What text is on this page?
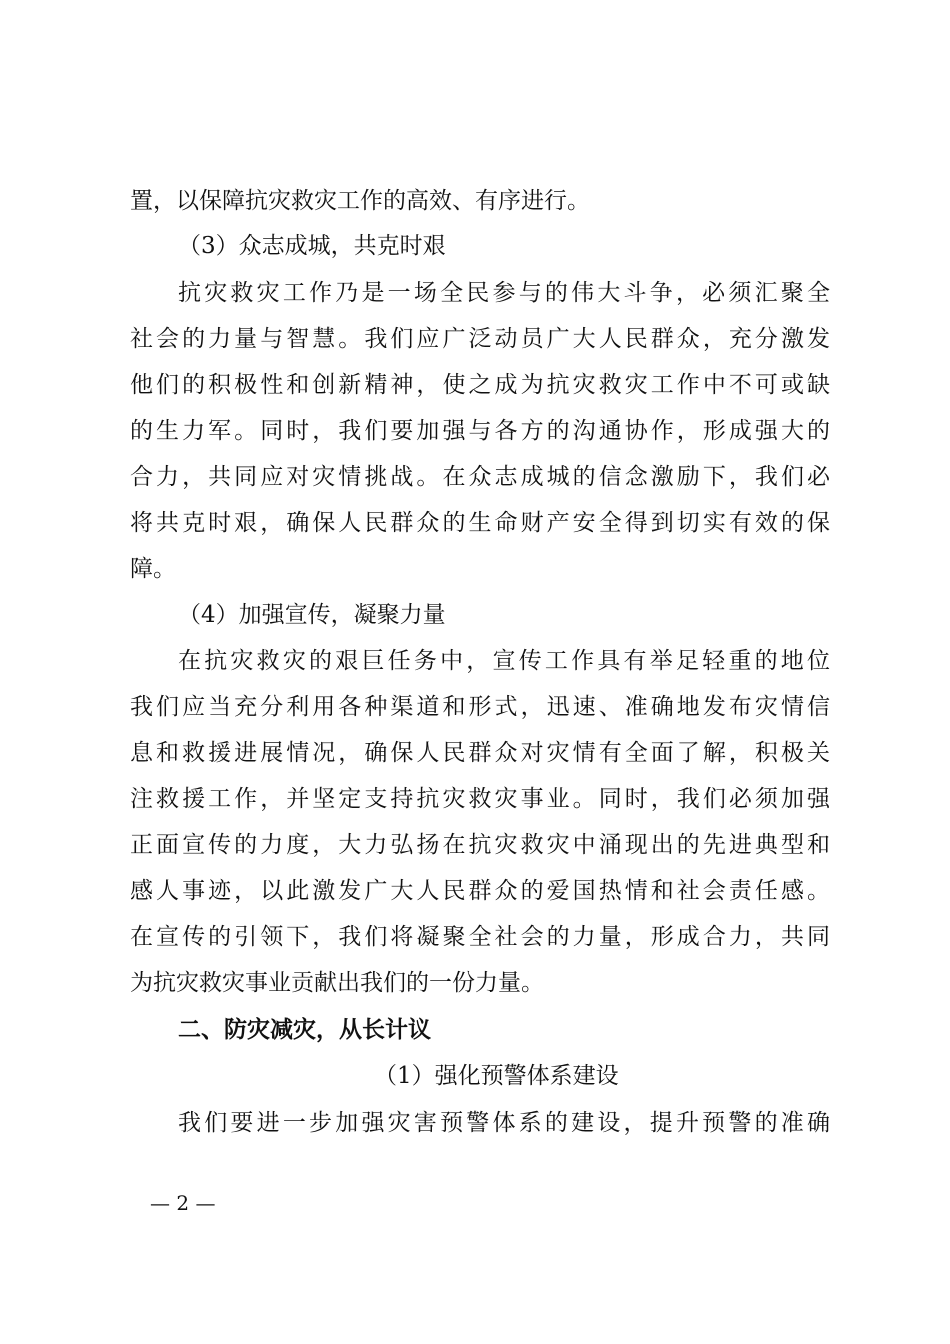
置，以保障抗灾救灾工作的高效、有序进行。
（3）众志成城，共克时艰
抗灾救灾工作乃是一场全民参与的伟大斗争，必须汇聚全
社会的力量与智慧。我们应广泛动员广大人民群众，充分激发
他们的积极性和创新精神，使之成为抗灾救灾工作中不可或缺
的生力军。同时，我们要加强与各方的沟通协作，形成强大的
合力，共同应对灾情挑战。在众志成城的信念激励下，我们必
将共克时艰，确保人民群众的生命财产安全得到切实有效的保
障。
（4）加强宣传，凝聚力量
在抗灾救灾的艰巨任务中，宣传工作具有举足轻重的地位
我们应当充分利用各种渠道和形式，迅速、准确地发布灾情信
息和救援进展情况，确保人民群众对灾情有全面了解，积极关
注救援工作，并坚定支持抗灾救灾事业。同时，我们必须加强
正面宣传的力度，大力弘扬在抗灾救灾中涌现出的先进典型和
感人事迹，以此激发广大人民群众的爱国热情和社会责任感。
在宣传的引领下，我们将凝聚全社会的力量，形成合力，共同
为抗灾救灾事业贡献出我们的一份力量。
二、防灾减灾，从长计议
（1）强化预警体系建设
我们要进一步加强灾害预警体系的建设，提升预警的准确
— 2 —
